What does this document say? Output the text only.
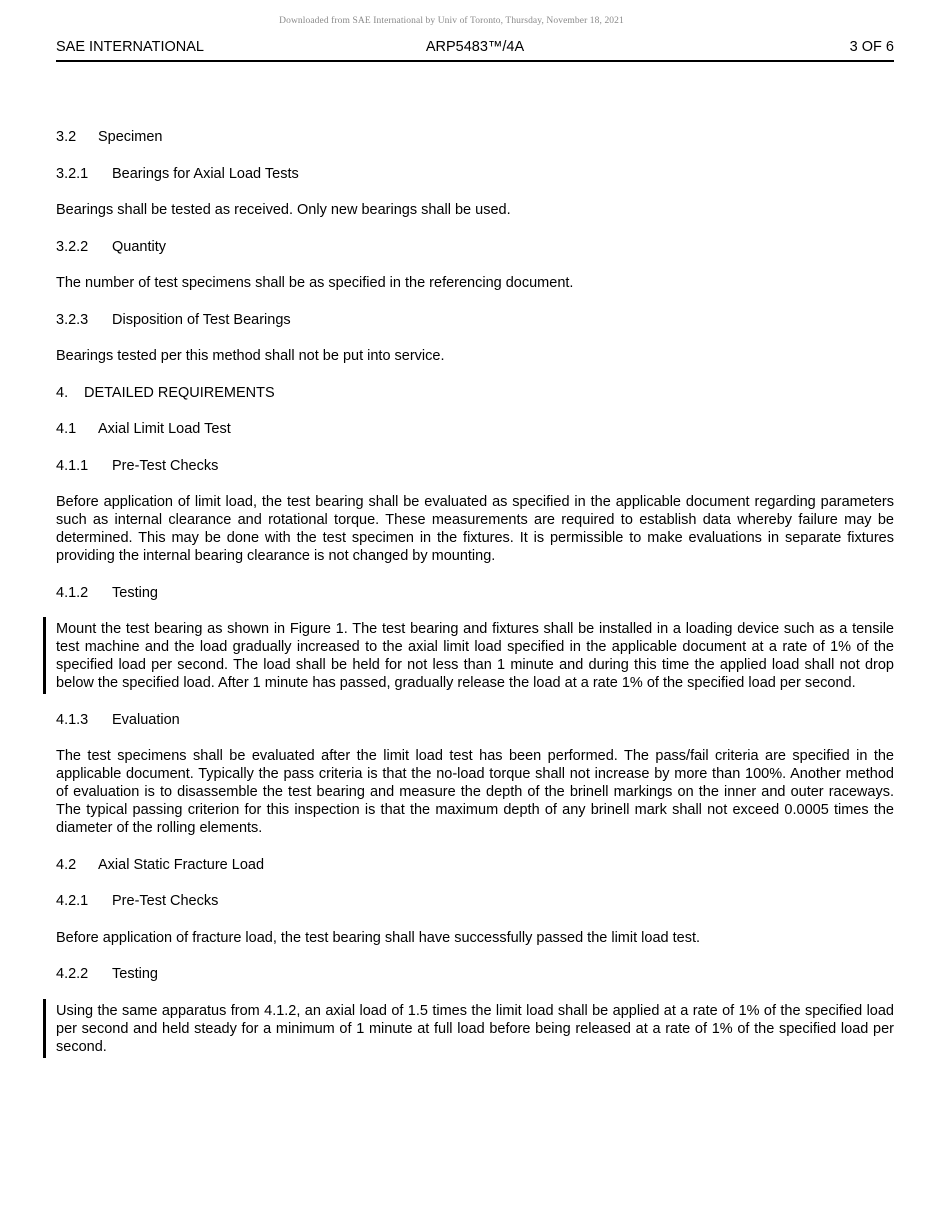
Downloaded from SAE International by Univ of Toronto, Thursday, November 18, 2021
SAE INTERNATIONAL	ARP5483™/4A	3 OF 6
3.2 Specimen
3.2.1 Bearings for Axial Load Tests
Bearings shall be tested as received. Only new bearings shall be used.
3.2.2 Quantity
The number of test specimens shall be as specified in the referencing document.
3.2.3 Disposition of Test Bearings
Bearings tested per this method shall not be put into service.
4. DETAILED REQUIREMENTS
4.1 Axial Limit Load Test
4.1.1 Pre-Test Checks
Before application of limit load, the test bearing shall be evaluated as specified in the applicable document regarding parameters such as internal clearance and rotational torque. These measurements are required to establish data whereby failure may be determined. This may be done with the test specimen in the fixtures. It is permissible to make evaluations in separate fixtures providing the internal bearing clearance is not changed by mounting.
4.1.2 Testing
Mount the test bearing as shown in Figure 1. The test bearing and fixtures shall be installed in a loading device such as a tensile test machine and the load gradually increased to the axial limit load specified in the applicable document at a rate of 1% of the specified load per second. The load shall be held for not less than 1 minute and during this time the applied load shall not drop below the specified load. After 1 minute has passed, gradually release the load at a rate 1% of the specified load per second.
4.1.3 Evaluation
The test specimens shall be evaluated after the limit load test has been performed. The pass/fail criteria are specified in the applicable document. Typically the pass criteria is that the no-load torque shall not increase by more than 100%. Another method of evaluation is to disassemble the test bearing and measure the depth of the brinell markings on the inner and outer raceways. The typical passing criterion for this inspection is that the maximum depth of any brinell mark shall not exceed 0.0005 times the diameter of the rolling elements.
4.2 Axial Static Fracture Load
4.2.1 Pre-Test Checks
Before application of fracture load, the test bearing shall have successfully passed the limit load test.
4.2.2 Testing
Using the same apparatus from 4.1.2, an axial load of 1.5 times the limit load shall be applied at a rate of 1% of the specified load per second and held steady for a minimum of 1 minute at full load before being released at a rate of 1% of the specified load per second.
